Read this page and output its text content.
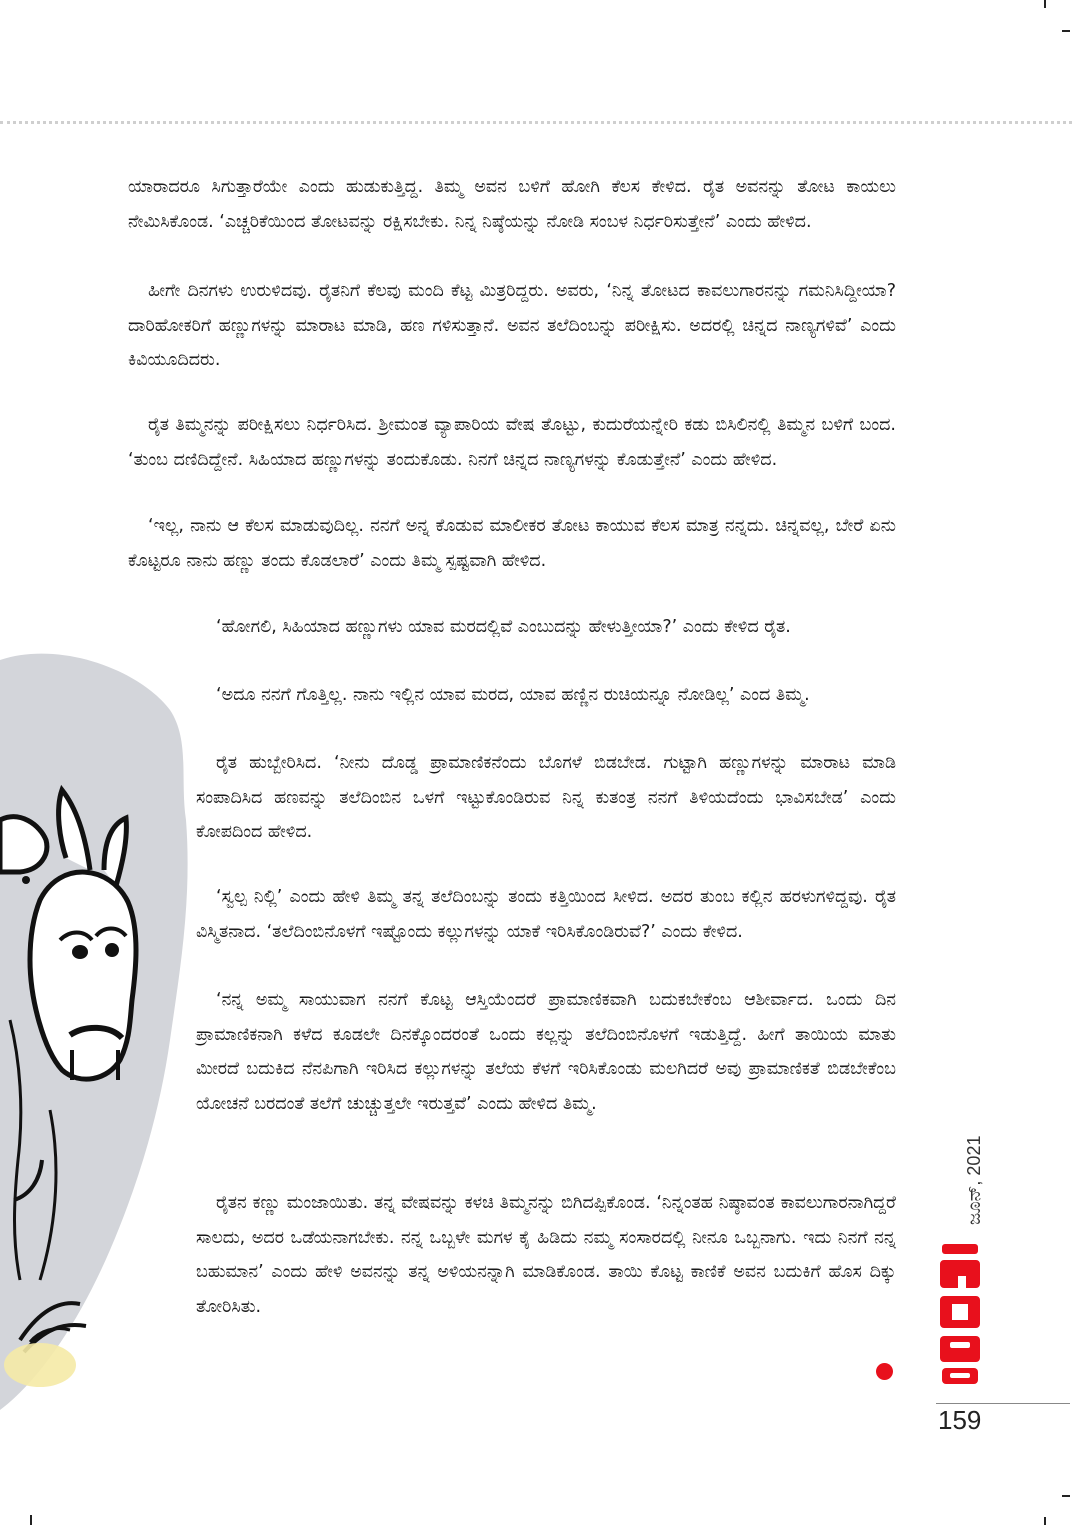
ಯಾರಾದರೂ ಸಿಗುತ್ತಾರೆಯೇ ಎಂದು ಹುಡುಕುತ್ತಿದ್ದ. ತಿಮ್ಮ ಅವನ ಬಳಿಗೆ ಹೋಗಿ ಕೆಲಸ ಕೇಳಿದ. ರೈತ ಅವನನ್ನು ತೋಟ ಕಾಯಲು ನೇಮಿಸಿಕೊಂಡ. ‘ಎಚ್ಚರಿಕೆಯಿಂದ ತೋಟವನ್ನು ರಕ್ಷಿಸಬೇಕು. ನಿನ್ನ ನಿಷ್ಠೆಯನ್ನು ನೋಡಿ ಸಂಬಳ ನಿರ್ಧರಿಸುತ್ತೇನೆ’ ಎಂದು ಹೇಳಿದ.

ಹೀಗೇ ದಿನಗಳು ಉರುಳಿದವು. ರೈತನಿಗೆ ಕೆಲವು ಮಂದಿ ಕೆಟ್ಟ ಮಿತ್ರರಿದ್ದರು. ಅವರು, ‘ನಿನ್ನ ತೋಟದ ಕಾವಲುಗಾರನನ್ನು ಗಮನಿಸಿದ್ದೀಯಾ? ದಾರಿಹೋಕರಿಗೆ ಹಣ್ಣುಗಳನ್ನು ಮಾರಾಟ ಮಾಡಿ, ಹಣ ಗಳಿಸುತ್ತಾನೆ. ಅವನ ತಲೆದಿಂಬನ್ನು ಪರೀಕ್ಷಿಸು. ಅದರಲ್ಲಿ ಚಿನ್ನದ ನಾಣ್ಯಗಳಿವೆ’ ಎಂದು ಕಿವಿಯೂದಿದರು.

ರೈತ ತಿಮ್ಮನನ್ನು ಪರೀಕ್ಷಿಸಲು ನಿರ್ಧರಿಸಿದ. ಶ್ರೀಮಂತ ವ್ಯಾಪಾರಿಯ ವೇಷ ತೊಟ್ಟು, ಕುದುರೆಯನ್ನೇರಿ ಕಡು ಬಿಸಿಲಿನಲ್ಲಿ ತಿಮ್ಮನ ಬಳಿಗೆ ಬಂದ. ‘ತುಂಬ ದಣಿದಿದ್ದೇನೆ. ಸಿಹಿಯಾದ ಹಣ್ಣುಗಳನ್ನು ತಂದುಕೊಡು. ನಿನಗೆ ಚಿನ್ನದ ನಾಣ್ಯಗಳನ್ನು ಕೊಡುತ್ತೇನೆ’ ಎಂದು ಹೇಳಿದ.

‘ಇಲ್ಲ, ನಾನು ಆ ಕೆಲಸ ಮಾಡುವುದಿಲ್ಲ. ನನಗೆ ಅನ್ನ ಕೊಡುವ ಮಾಲೀಕರ ತೋಟ ಕಾಯುವ ಕೆಲಸ ಮಾತ್ರ ನನ್ನದು. ಚಿನ್ನವಲ್ಲ, ಬೇರೆ ಏನು ಕೊಟ್ಟರೂ ನಾನು ಹಣ್ಣು ತಂದು ಕೊಡಲಾರೆ’ ಎಂದು ತಿಮ್ಮ ಸ್ಪಷ್ಟವಾಗಿ ಹೇಳಿದ.

‘ಹೋಗಲಿ, ಸಿಹಿಯಾದ ಹಣ್ಣುಗಳು ಯಾವ ಮರದಲ್ಲಿವೆ ಎಂಬುದನ್ನು ಹೇಳುತ್ತೀಯಾ?’ ಎಂದು ಕೇಳಿದ ರೈತ.

‘ಅದೂ ನನಗೆ ಗೊತ್ತಿಲ್ಲ. ನಾನು ಇಲ್ಲಿನ ಯಾವ ಮರದ, ಯಾವ ಹಣ್ಣಿನ ರುಚಿಯನ್ನೂ ನೋಡಿಲ್ಲ’ ಎಂದ ತಿಮ್ಮ.

ರೈತ ಹುಬ್ಬೇರಿಸಿದ. ‘ನೀನು ದೊಡ್ಡ ಪ್ರಾಮಾಣಿಕನೆಂದು ಬೊಗಳೆ ಬಿಡಬೇಡ. ಗುಟ್ಟಾಗಿ ಹಣ್ಣುಗಳನ್ನು ಮಾರಾಟ ಮಾಡಿ ಸಂಪಾದಿಸಿದ ಹಣವನ್ನು ತಲೆದಿಂಬಿನ ಒಳಗೆ ಇಟ್ಟುಕೊಂಡಿರುವ ನಿನ್ನ ಕುತಂತ್ರ ನನಗೆ ತಿಳಿಯದೆಂದು ಭಾವಿಸಬೇಡ’ ಎಂದು ಕೋಪದಿಂದ ಹೇಳಿದ.

‘ಸ್ವಲ್ಪ ನಿಲ್ಲಿ’ ಎಂದು ಹೇಳಿ ತಿಮ್ಮ ತನ್ನ ತಲೆದಿಂಬನ್ನು ತಂದು ಕತ್ತಿಯಿಂದ ಸೀಳಿದ. ಅದರ ತುಂಬ ಕಲ್ಲಿನ ಹರಳುಗಳಿದ್ದವು. ರೈತ ವಿಸ್ಮಿತನಾದ. ‘ತಲೆದಿಂಬಿನೊಳಗೆ ಇಷ್ಟೊಂದು ಕಲ್ಲುಗಳನ್ನು ಯಾಕೆ ಇರಿಸಿಕೊಂಡಿರುವೆ?’ ಎಂದು ಕೇಳಿದ.

‘ನನ್ನ ಅಮ್ಮ ಸಾಯುವಾಗ ನನಗೆ ಕೊಟ್ಟ ಆಸ್ತಿಯೆಂದರೆ ಪ್ರಾಮಾಣಿಕವಾಗಿ ಬದುಕಬೇಕೆಂಬ ಆಶೀರ್ವಾದ. ಒಂದು ದಿನ ಪ್ರಾಮಾಣಿಕನಾಗಿ ಕಳೆದ ಕೂಡಲೇ ದಿನಕ್ಕೊಂದರಂತೆ ಒಂದು ಕಲ್ಲನ್ನು ತಲೆದಿಂಬಿನೊಳಗೆ ಇಡುತ್ತಿದ್ದೆ. ಹೀಗೆ ತಾಯಿಯ ಮಾತು ಮೀರದೆ ಬದುಕಿದ ನೆನಪಿಗಾಗಿ ಇರಿಸಿದ ಕಲ್ಲುಗಳನ್ನು ತಲೆಯ ಕೆಳಗೆ ಇರಿಸಿಕೊಂಡು ಮಲಗಿದರೆ ಅವು ಪ್ರಾಮಾಣಿಕತೆ ಬಿಡಬೇಕೆಂಬ ಯೋಚನೆ ಬರದಂತೆ ತಲೆಗೆ ಚುಚ್ಚುತ್ತಲೇ ಇರುತ್ತವೆ’ ಎಂದು ಹೇಳಿದ ತಿಮ್ಮ.

ರೈತನ ಕಣ್ಣು ಮಂಜಾಯಿತು. ತನ್ನ ವೇಷವನ್ನು ಕಳಚಿ ತಿಮ್ಮನನ್ನು ಬಿಗಿದಪ್ಪಿಕೊಂಡ. ‘ನಿನ್ನಂತಹ ನಿಷ್ಠಾವಂತ ಕಾವಲುಗಾರನಾಗಿದ್ದರೆ ಸಾಲದು, ಅದರ ಒಡೆಯನಾಗಬೇಕು. ನನ್ನ ಒಬ್ಬಳೇ ಮಗಳ ಕೈ ಹಿಡಿದು ನಮ್ಮ ಸಂಸಾರದಲ್ಲಿ ನೀನೂ ಒಬ್ಬನಾಗು. ಇದು ನಿನಗೆ ನನ್ನ ಬಹುಮಾನ’ ಎಂದು ಹೇಳಿ ಅವನನ್ನು ತನ್ನ ಅಳಿಯನನ್ನಾಗಿ ಮಾಡಿಕೊಂಡ. ತಾಯಿ ಕೊಟ್ಟ ಕಾಣಿಕೆ ಅವನ ಬದುಕಿಗೆ ಹೊಸ ದಿಕ್ಕು ತೋರಿಸಿತು.

ಜೂನ್, 2021
159
